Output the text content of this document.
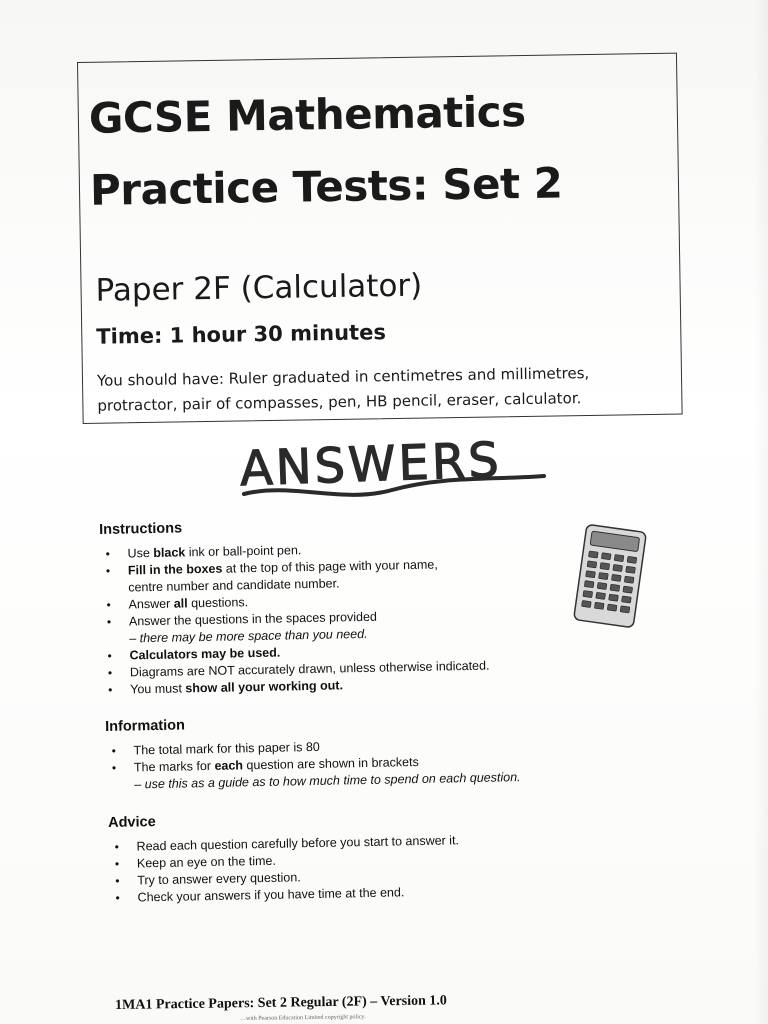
GCSE Mathematics
Practice Tests: Set 2
Paper 2F (Calculator)
Time: 1 hour 30 minutes
You should have: Ruler graduated in centimetres and millimetres,
protractor, pair of compasses, pen, HB pencil, eraser, calculator.
ANSWERS
Instructions
• Use black ink or ball-point pen.
• Fill in the boxes at the top of this page with your name,
centre number and candidate number.
• Answer all questions.
• Answer the questions in the spaces provided
– there may be more space than you need.
• Calculators may be used.
• Diagrams are NOT accurately drawn, unless otherwise indicated.
• You must show all your working out.
Information
• The total mark for this paper is 80
• The marks for each question are shown in brackets
– use this as a guide as to how much time to spend on each question.
Advice
• Read each question carefully before you start to answer it.
• Keep an eye on the time.
• Try to answer every question.
• Check your answers if you have time at the end.
1MA1 Practice Papers: Set 2 Regular (2F) – Version 1.0
…with Pearson Education Limited copyright policy.
